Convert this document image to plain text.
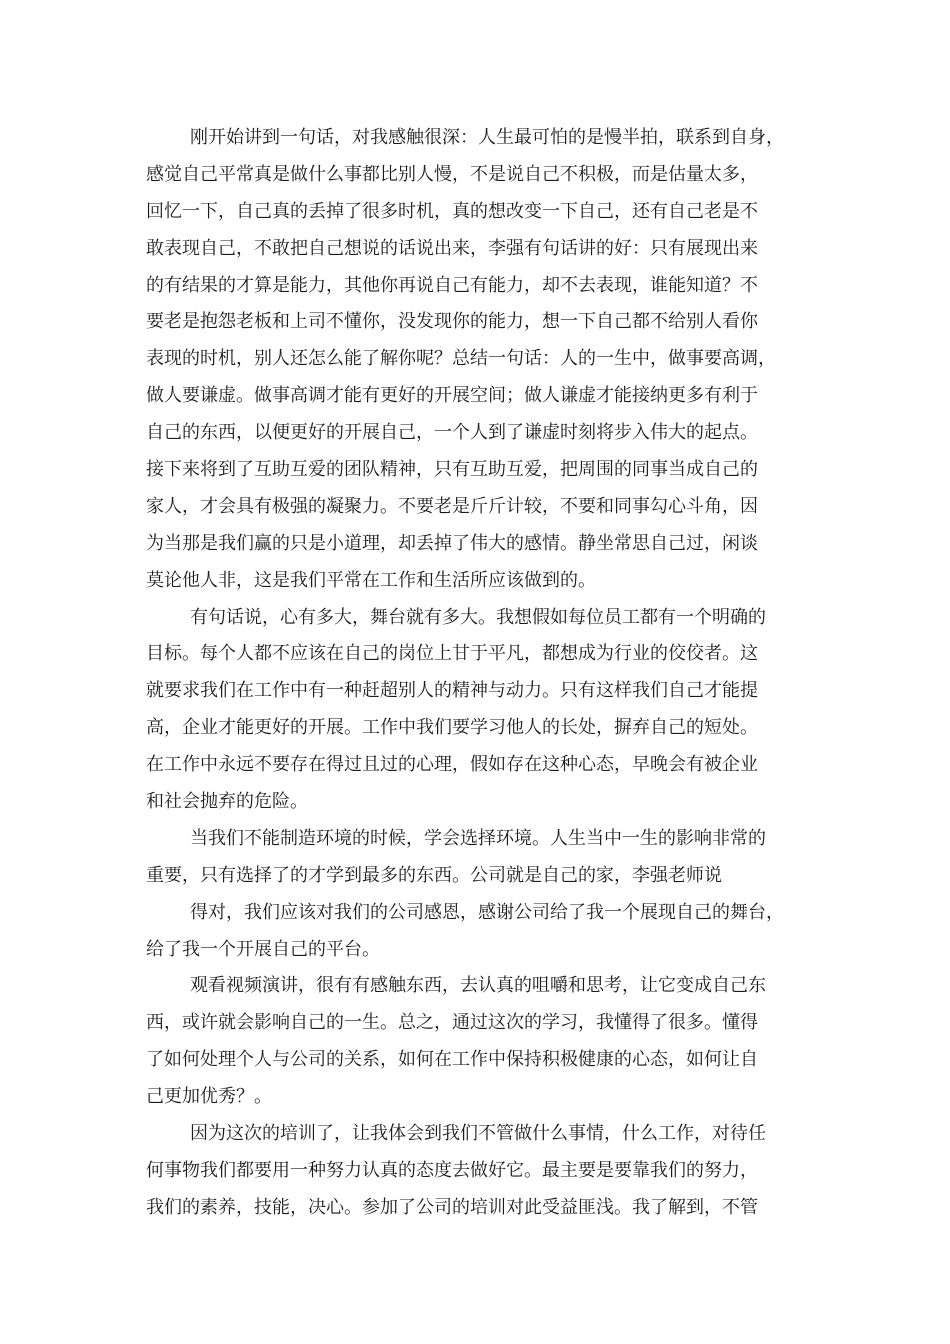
刚开始讲到一句话，对我感触很深：人生最可怕的是慢半拍，联系到自身，
感觉自己平常真是做什么事都比别人慢，不是说自己不积极，而是估量太多，
回忆一下，自己真的丢掉了很多时机，真的想改变一下自己，还有自己老是不
敢表现自己，不敢把自己想说的话说出来，李强有句话讲的好：只有展现出来
的有结果的才算是能力，其他你再说自己有能力，却不去表现，谁能知道？不
要老是抱怨老板和上司不懂你，没发现你的能力，想一下自己都不给别人看你
表现的时机，别人还怎么能了解你呢？总结一句话：人的一生中，做事要高调，
做人要谦虚。做事高调才能有更好的开展空间；做人谦虚才能接纳更多有利于
自己的东西，以便更好的开展自己，一个人到了谦虚时刻将步入伟大的起点。
接下来将到了互助互爱的团队精神，只有互助互爱，把周围的同事当成自己的
家人，才会具有极强的凝聚力。不要老是斤斤计较，不要和同事勾心斗角，因
为当那是我们赢的只是小道理，却丢掉了伟大的感情。静坐常思自己过，闲谈
莫论他人非，这是我们平常在工作和生活所应该做到的。
有句话说，心有多大，舞台就有多大。我想假如每位员工都有一个明确的
目标。每个人都不应该在自己的岗位上甘于平凡，都想成为行业的佼佼者。这
就要求我们在工作中有一种赶超别人的精神与动力。只有这样我们自己才能提
高，企业才能更好的开展。工作中我们要学习他人的长处，摒弃自己的短处。
在工作中永远不要存在得过且过的心理，假如存在这种心态，早晚会有被企业
和社会抛弃的危险。
当我们不能制造环境的时候，学会选择环境。人生当中一生的影响非常的
重要，只有选择了的才学到最多的东西。公司就是自己的家，李强老师说
得对，我们应该对我们的公司感恩，感谢公司给了我一个展现自己的舞台，
给了我一个开展自己的平台。
观看视频演讲，很有有感触东西，去认真的咀嚼和思考，让它变成自己东
西，或许就会影响自己的一生。总之，通过这次的学习，我懂得了很多。懂得
了如何处理个人与公司的关系，如何在工作中保持积极健康的心态，如何让自
己更加优秀？。
因为这次的培训了，让我体会到我们不管做什么事情，什么工作，对待任
何事物我们都要用一种努力认真的态度去做好它。最主要是要靠我们的努力，
我们的素养，技能，决心。参加了公司的培训对此受益匪浅。我了解到，不管
